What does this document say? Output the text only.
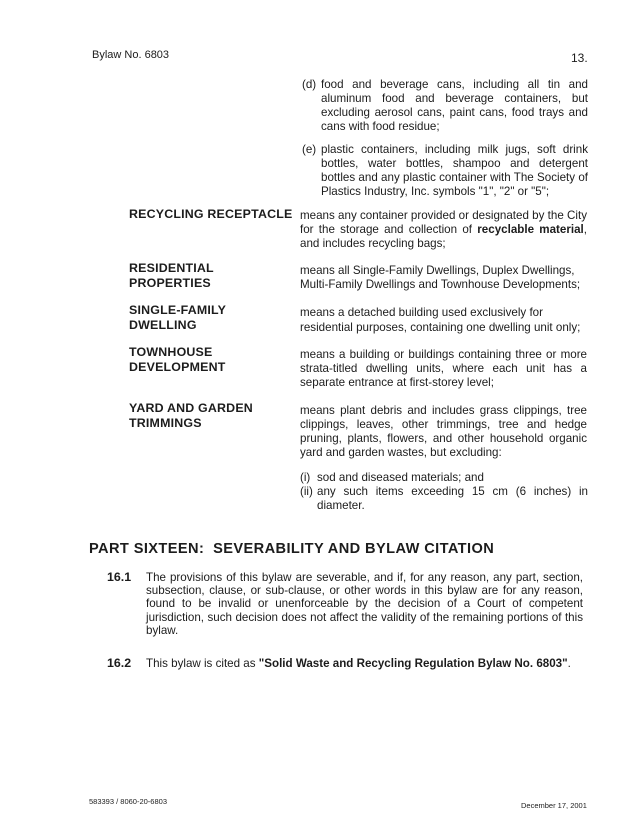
Bylaw No. 6803	13.
(d) food and beverage cans, including all tin and aluminum food and beverage containers, but excluding aerosol cans, paint cans, food trays and cans with food residue;
(e) plastic containers, including milk jugs, soft drink bottles, water bottles, shampoo and detergent bottles and any plastic container with The Society of Plastics Industry, Inc. symbols "1", "2" or "5";
RECYCLING RECEPTACLE means any container provided or designated by the City for the storage and collection of recyclable material, and includes recycling bags;
RESIDENTIAL
PROPERTIES
means all Single-Family Dwellings, Duplex Dwellings, Multi-Family Dwellings and Townhouse Developments;
SINGLE-FAMILY
DWELLING
means a detached building used exclusively for
residential purposes, containing one dwelling unit only;
TOWNHOUSE
DEVELOPMENT
means a building or buildings containing three or more strata-titled dwelling units, where each unit has a separate entrance at first-storey level;
YARD AND GARDEN
TRIMMINGS
means plant debris and includes grass clippings, tree clippings, leaves, other trimmings, tree and hedge pruning, plants, flowers, and other household organic yard and garden wastes, but excluding:
(i) sod and diseased materials; and
(ii) any such items exceeding 15 cm (6 inches) in diameter.
PART SIXTEEN:  SEVERABILITY AND BYLAW CITATION
16.1 The provisions of this bylaw are severable, and if, for any reason, any part, section, subsection, clause, or sub-clause, or other words in this bylaw are for any reason, found to be invalid or unenforceable by the decision of a Court of competent jurisdiction, such decision does not affect the validity of the remaining portions of this bylaw.
16.2 This bylaw is cited as "Solid Waste and Recycling Regulation Bylaw No. 6803".
583393 / 8060-20-6803	December 17, 2001
